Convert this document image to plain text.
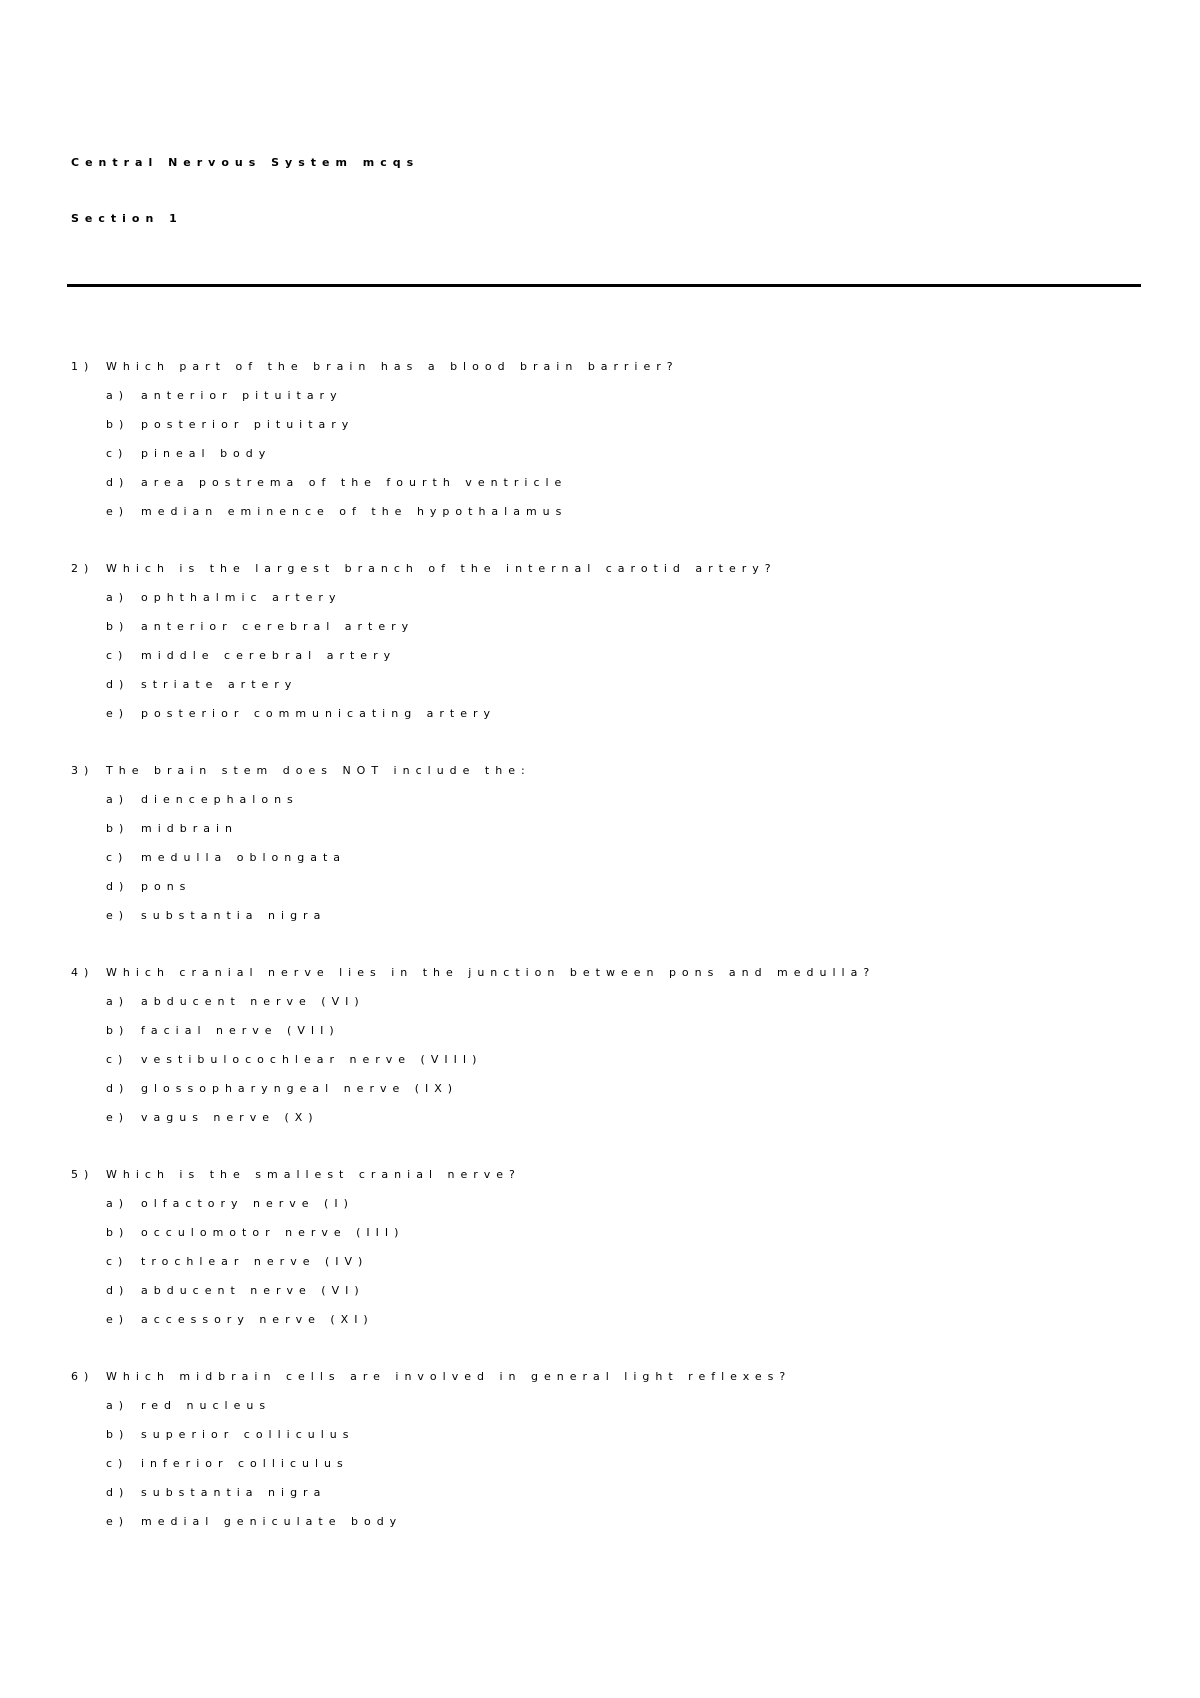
Central Nervous System mcqs
Section 1
1) Which part of the brain has a blood brain barrier?
a) anterior pituitary
b) posterior pituitary
c) pineal body
d) area postrema of the fourth ventricle
e) median eminence of the hypothalamus
2) Which is the largest branch of the internal carotid artery?
a) ophthalmic artery
b) anterior cerebral artery
c) middle cerebral artery
d) striate artery
e) posterior communicating artery
3) The brain stem does NOT include the:
a) diencephalons
b) midbrain
c) medulla oblongata
d) pons
e) substantia nigra
4) Which cranial nerve lies in the junction between pons and medulla?
a) abducent nerve (VI)
b) facial nerve (VII)
c) vestibulocochlear nerve (VIII)
d) glossopharyngeal nerve (IX)
e) vagus nerve (X)
5) Which is the smallest cranial nerve?
a) olfactory nerve (I)
b) occulomotor nerve (III)
c) trochlear nerve (IV)
d) abducent nerve (VI)
e) accessory nerve (XI)
6) Which midbrain cells are involved in general light reflexes?
a) red nucleus
b) superior colliculus
c) inferior colliculus
d) substantia nigra
e) medial geniculate body
